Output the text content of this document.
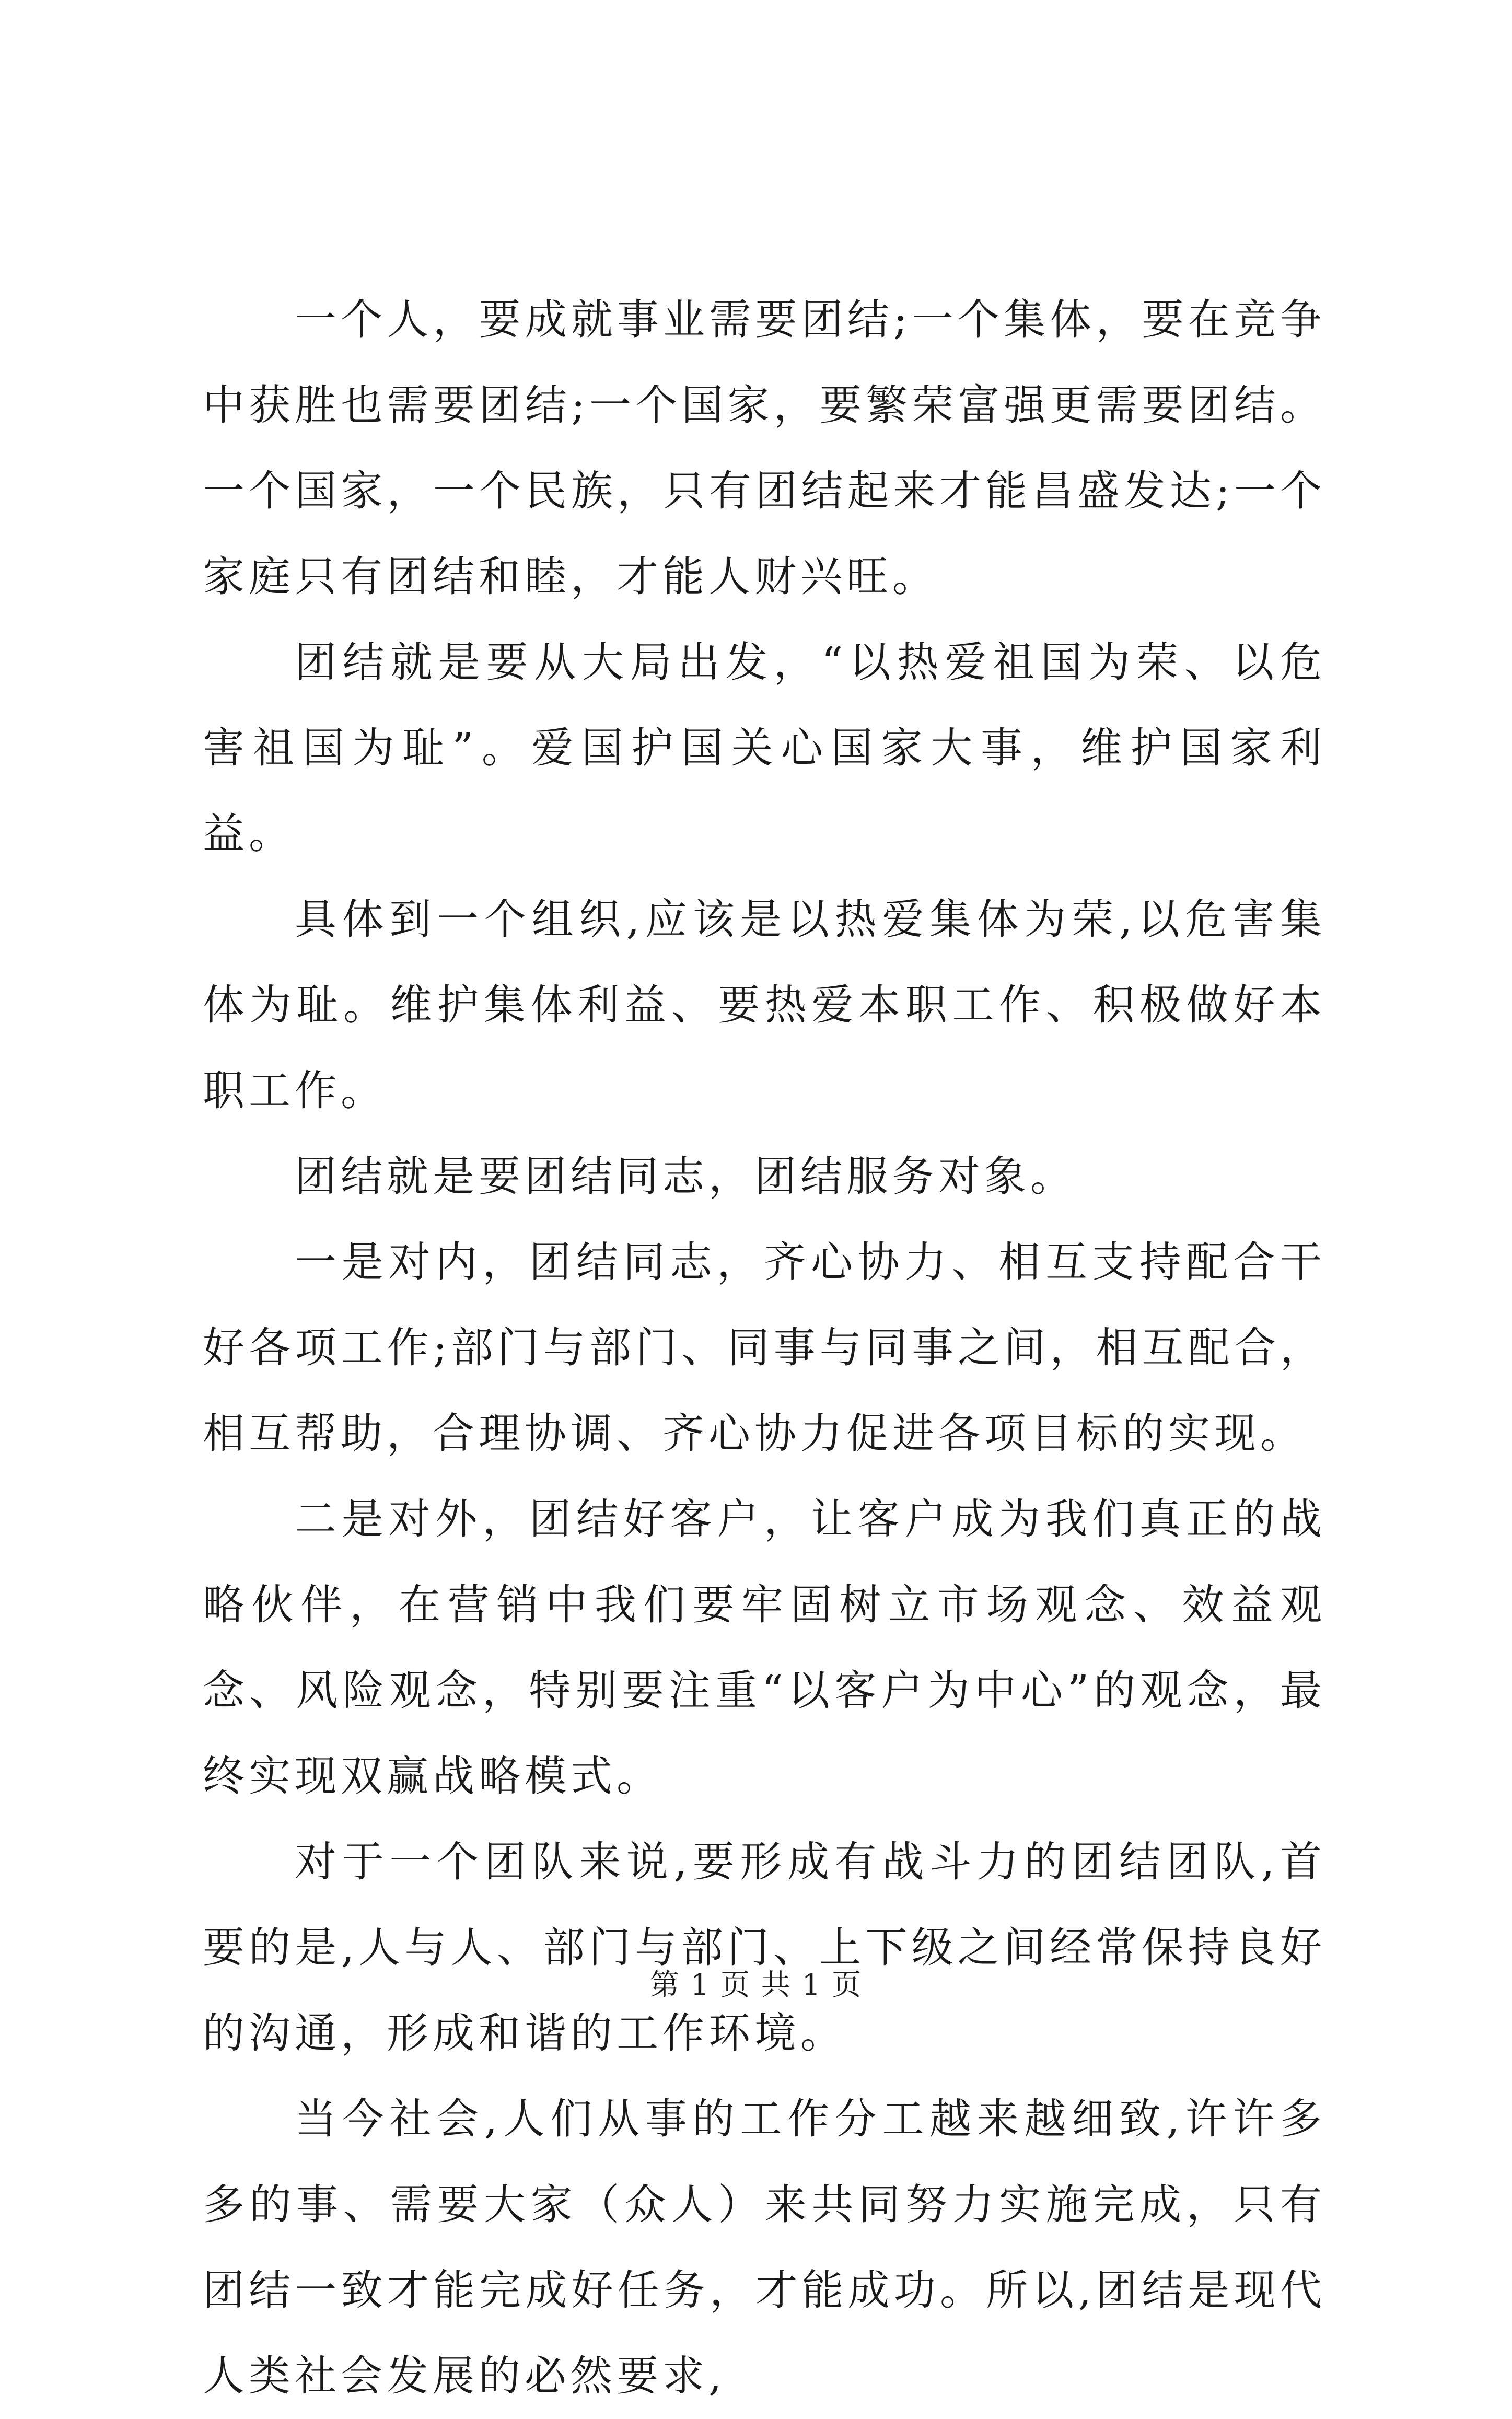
一个人，要成就事业需要团结;一个集体，要在竞争中获胜也需要团结;一个国家，要繁荣富强更需要团结。一个国家，一个民族，只有团结起来才能昌盛发达;一个家庭只有团结和睦，才能人财兴旺。

团结就是要从大局出发，“以热爱祖国为荣、以危害祖国为耻”。爱国护国关心国家大事，维护国家利益。

具体到一个组织,应该是以热爱集体为荣,以危害集体为耻。维护集体利益、要热爱本职工作、积极做好本职工作。

团结就是要团结同志，团结服务对象。

一是对内，团结同志，齐心协力、相互支持配合干好各项工作;部门与部门、同事与同事之间，相互配合，相互帮助，合理协调、齐心协力促进各项目标的实现。

二是对外，团结好客户，让客户成为我们真正的战略伙伴，在营销中我们要牢固树立市场观念、效益观念、风险观念，特别要注重“以客户为中心”的观念，最终实现双赢战略模式。

对于一个团队来说,要形成有战斗力的团结团队,首要的是,人与人、部门与部门、上下级之间经常保持良好的沟通，形成和谐的工作环境。

当今社会,人们从事的工作分工越来越细致,许许多多的事、需要大家（众人）来共同努力实施完成，只有团结一致才能完成好任务，才能成功。所以,团结是现代人类社会发展的必然要求,

第 1 页 共 1 页
